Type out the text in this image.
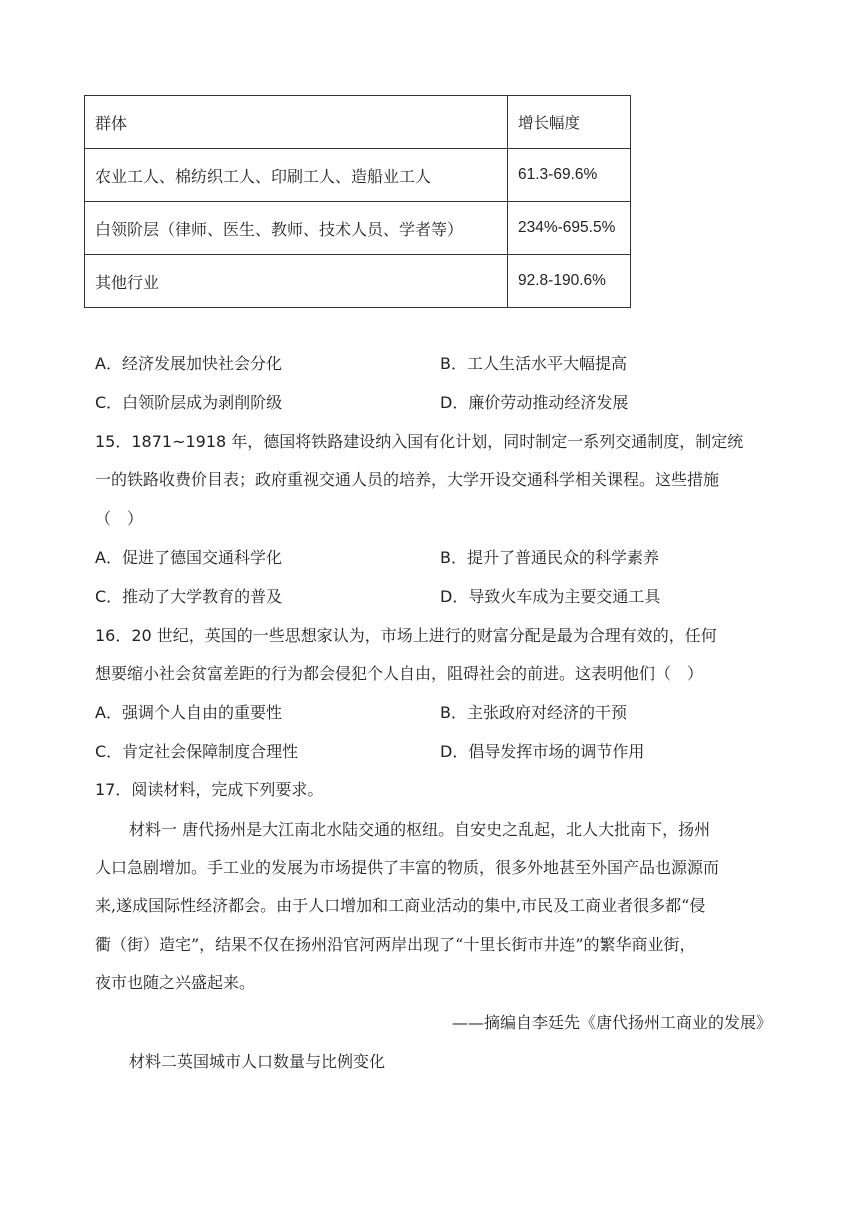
群体	增长幅度
农业工人、棉纺织工人、印刷工人、造船业工人	61.3-69.6%
白领阶层（律师、医生、教师、技术人员、学者等）	234%-695.5%
其他行业	92.8-190.6%
A．经济发展加快社会分化	B．工人生活水平大幅提高
C．白领阶层成为剥削阶级	D．廉价劳动推动经济发展
15．1871~1918 年，德国将铁路建设纳入国有化计划，同时制定一系列交通制度，制定统
一的铁路收费价目表；政府重视交通人员的培养，大学开设交通科学相关课程。这些措施
（　）
A．促进了德国交通科学化	B．提升了普通民众的科学素养
C．推动了大学教育的普及	D．导致火车成为主要交通工具
16．20 世纪，英国的一些思想家认为，市场上进行的财富分配是最为合理有效的，任何
想要缩小社会贫富差距的行为都会侵犯个人自由，阻碍社会的前进。这表明他们（　）
A．强调个人自由的重要性	B．主张政府对经济的干预
C．肯定社会保障制度合理性	D．倡导发挥市场的调节作用
17．阅读材料，完成下列要求。
材料一 唐代扬州是大江南北水陆交通的枢纽。自安史之乱起，北人大批南下，扬州
人口急剧增加。手工业的发展为市场提供了丰富的物质，很多外地甚至外国产品也源源而
来,遂成国际性经济都会。由于人口增加和工商业活动的集中,市民及工商业者很多都“侵
衢（街）造宅”，结果不仅在扬州沿官河两岸出现了“十里长街市井连”的繁华商业街，
夜市也随之兴盛起来。
——摘编自李廷先《唐代扬州工商业的发展》
材料二英国城市人口数量与比例变化
